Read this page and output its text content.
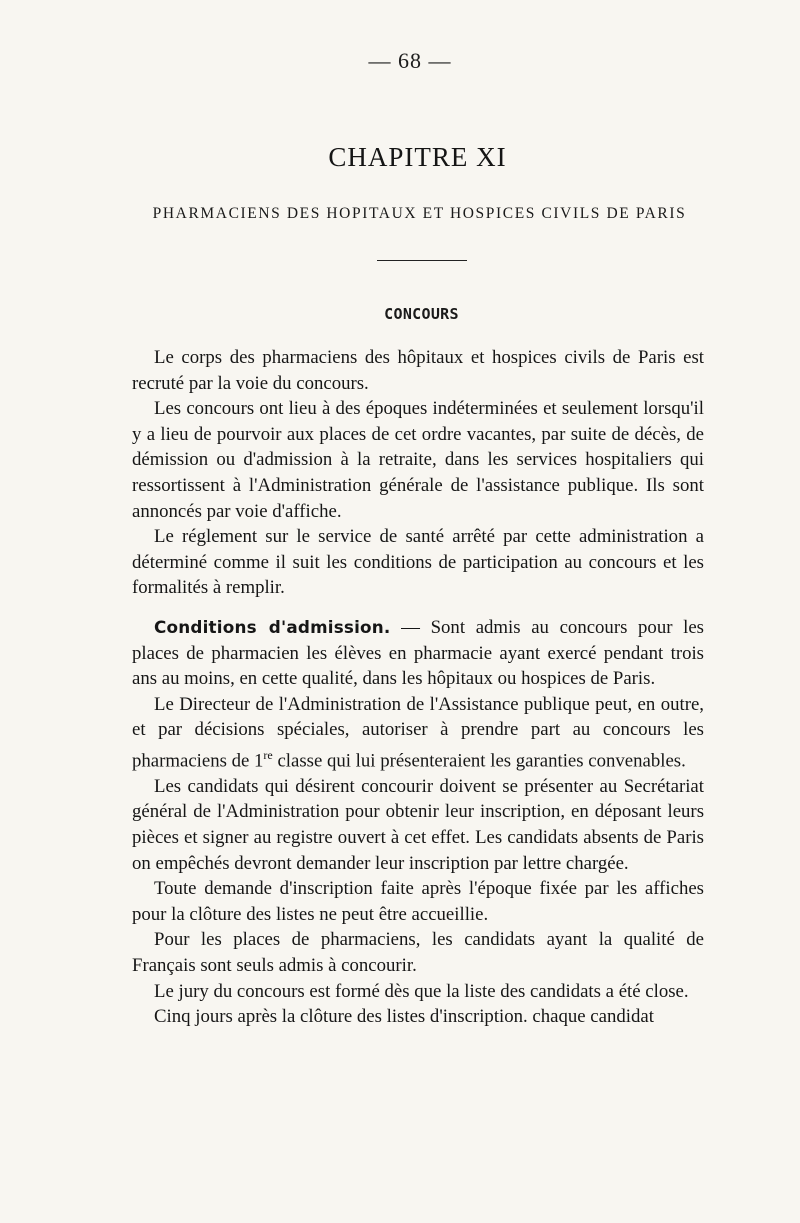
— 68 —
CHAPITRE XI
PHARMACIENS DES HOPITAUX ET HOSPICES CIVILS DE PARIS
CONCOURS

Le corps des pharmaciens des hôpitaux et hospices civils de Paris est recruté par la voie du concours.

Les concours ont lieu à des époques indéterminées et seulement lorsqu'il y a lieu de pourvoir aux places de cet ordre vacantes, par suite de décès, de démission ou d'admission à la retraite, dans les services hospitaliers qui ressortissent à l'Administration générale de l'assistance publique. Ils sont annoncés par voie d'affiche.

Le réglement sur le service de santé arrêté par cette administration a déterminé comme il suit les conditions de participation au concours et les formalités à remplir.

Conditions d'admission. — Sont admis au concours pour les places de pharmacien les élèves en pharmacie ayant exercé pendant trois ans au moins, en cette qualité, dans les hôpitaux ou hospices de Paris.

Le Directeur de l'Administration de l'Assistance publique peut, en outre, et par décisions spéciales, autoriser à prendre part au concours les pharmaciens de 1re classe qui lui présenteraient les garanties convenables.

Les candidats qui désirent concourir doivent se présenter au Secrétariat général de l'Administration pour obtenir leur inscription, en déposant leurs pièces et signer au registre ouvert à cet effet. Les candidats absents de Paris on empêchés devront demander leur inscription par lettre chargée.

Toute demande d'inscription faite après l'époque fixée par les affiches pour la clôture des listes ne peut être accueillie.

Pour les places de pharmaciens, les candidats ayant la qualité de Français sont seuls admis à concourir.

Le jury du concours est formé dès que la liste des candidats a été close.

Cinq jours après la clôture des listes d'inscription. chaque candidat
